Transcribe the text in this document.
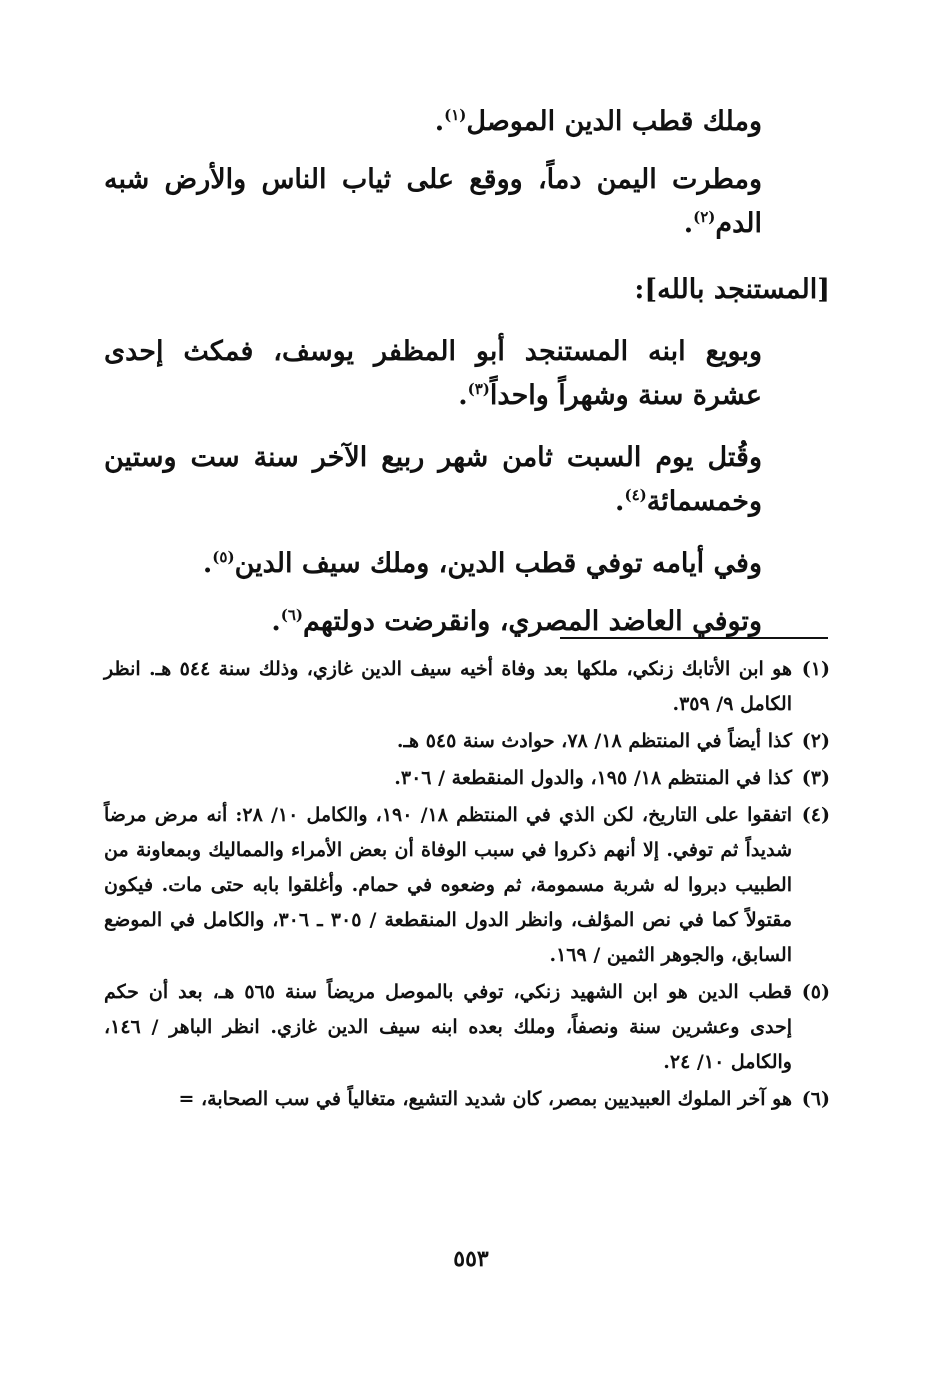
وملك قطب الدين الموصل$^{(١)}$.

ومطرت اليمن دماً، ووقع على ثياب الناس والأرض شبه الدم$^{(٢)}$.

[المستنجد بالله]:

وبويع ابنه المستنجد أبو المظفر يوسف، فمكث إحدى عشرة سنة وشهراً واحداً$^{(٣)}$.

وقُتل يوم السبت ثامن شهر ربيع الآخر سنة ست وستين وخمسمائة$^{(٤)}$.

وفي أيامه توفي قطب الدين، وملك سيف الدين$^{(٥)}$.

وتوفي العاضد المصري، وانقرضت دولتهم$^{(٦)}$.

(١)
هو ابن الأتابك زنكي، ملكها بعد وفاة أخيه سيف الدين غازي، وذلك سنة ٥٤٤ هـ. انظر الكامل ٩/ ٣٥٩.
(٢)
كذا أيضاً في المنتظم ١٨/ ٧٨، حوادث سنة ٥٤٥ هـ.
(٣)
كذا في المنتظم ١٨/ ١٩٥، والدول المنقطعة / ٣٠٦.
(٤)
اتفقوا على التاريخ، لكن الذي في المنتظم ١٨/ ١٩٠، والكامل ١٠/ ٢٨: أنه مرض مرضاً شديداً ثم توفي. إلا أنهم ذكروا في سبب الوفاة أن بعض الأمراء والمماليك وبمعاونة من الطبيب دبروا له شربة مسمومة، ثم وضعوه في حمام. وأغلقوا بابه حتى مات. فيكون مقتولاً كما في نص المؤلف، وانظر الدول المنقطعة / ٣٠٥ ـ ٣٠٦، والكامل في الموضع السابق، والجوهر الثمين / ١٦٩.
(٥)
قطب الدين هو ابن الشهيد زنكي، توفي بالموصل مريضاً سنة ٥٦٥ هـ، بعد أن حكم إحدى وعشرين سنة ونصفاً، وملك بعده ابنه سيف الدين غازي. انظر الباهر / ١٤٦، والكامل ١٠/ ٢٤.
(٦)
هو آخر الملوك العبيديين بمصر، كان شديد التشيع، متغالياً في سب الصحابة، =
٥٥٣
